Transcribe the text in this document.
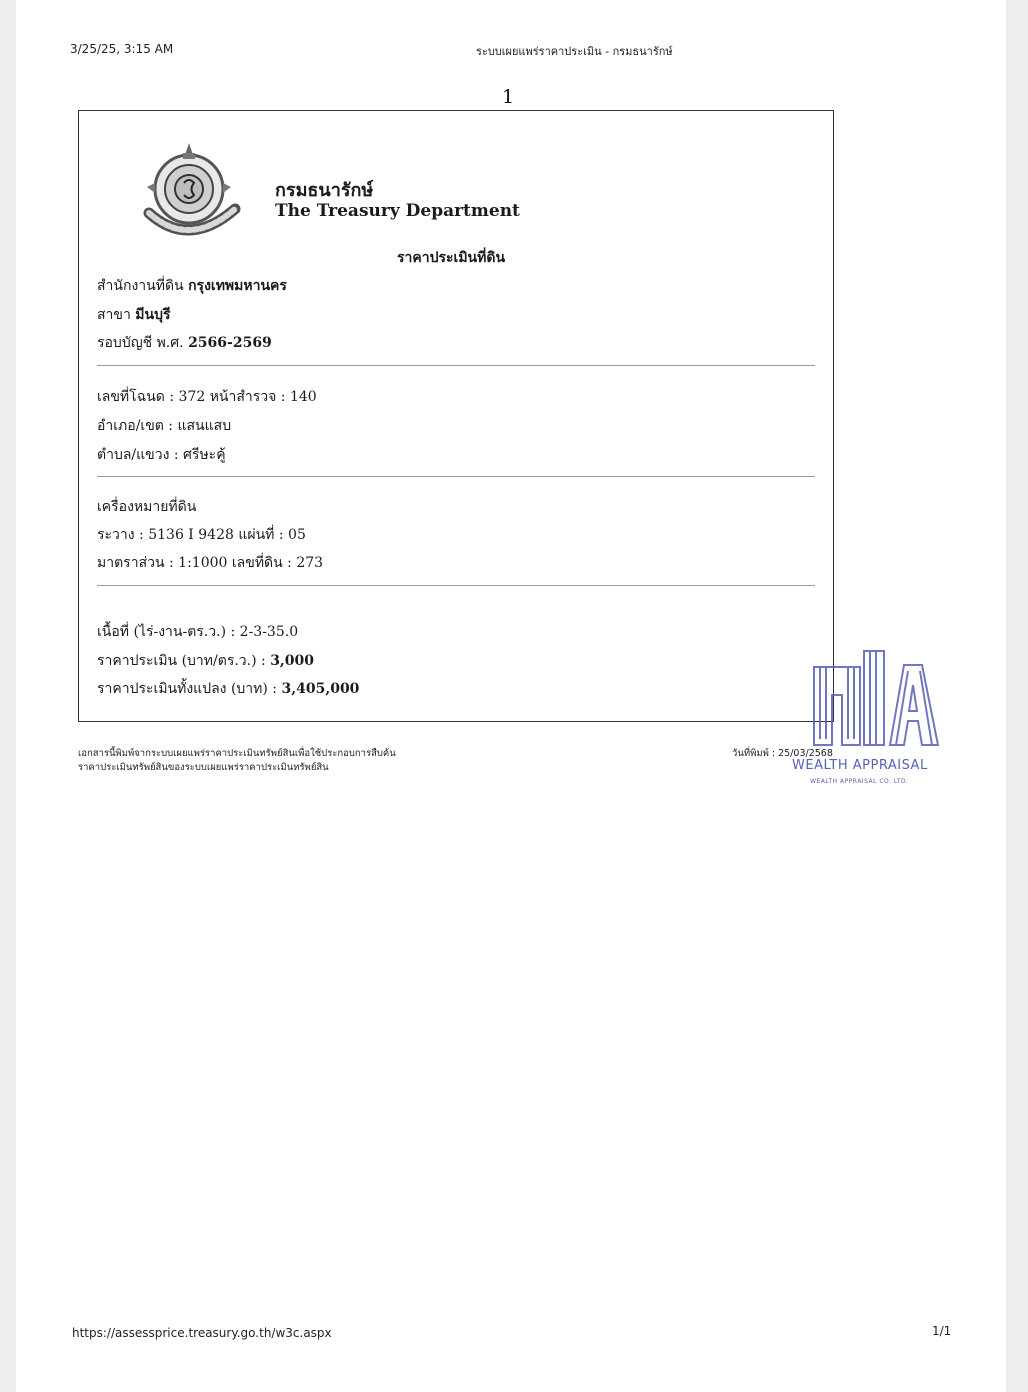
3/25/25, 3:15 AM	ระบบเผยแพร่ราคาประเมิน - กรมธนารักษ์
1
กรมธนารักษ์
The Treasury Department
ราคาประเมินที่ดิน
สำนักงานที่ดิน กรุงเทพมหานคร
สาขา มีนบุรี
รอบบัญชี พ.ศ. 2566-2569
เลขที่โฉนด : 372 หน้าสำรวจ : 140
อำเภอ/เขต : แสนแสบ
ตำบล/แขวง : ศรีษะคู้
เครื่องหมายที่ดิน
ระวาง : 5136 I 9428 แผ่นที่ : 05
มาตราส่วน : 1:1000 เลขที่ดิน : 273
เนื้อที่ (ไร่-งาน-ตร.ว.) : 2-3-35.0
ราคาประเมิน (บาท/ตร.ว.) : 3,000
ราคาประเมินทั้งแปลง (บาท) : 3,405,000
เอกสารนี้พิมพ์จากระบบเผยแพร่ราคาประเมินทรัพย์สินเพื่อใช้ประกอบการสืบค้น
ราคาประเมินทรัพย์สินของระบบเผยแพร่ราคาประเมินทรัพย์สิน
วันที่พิมพ์ : 25/03/2568
WEALTH APPRAISAL
WEALTH APPRAISAL CO. LTD.
https://assessprice.treasury.go.th/w3c.aspx	1/1
